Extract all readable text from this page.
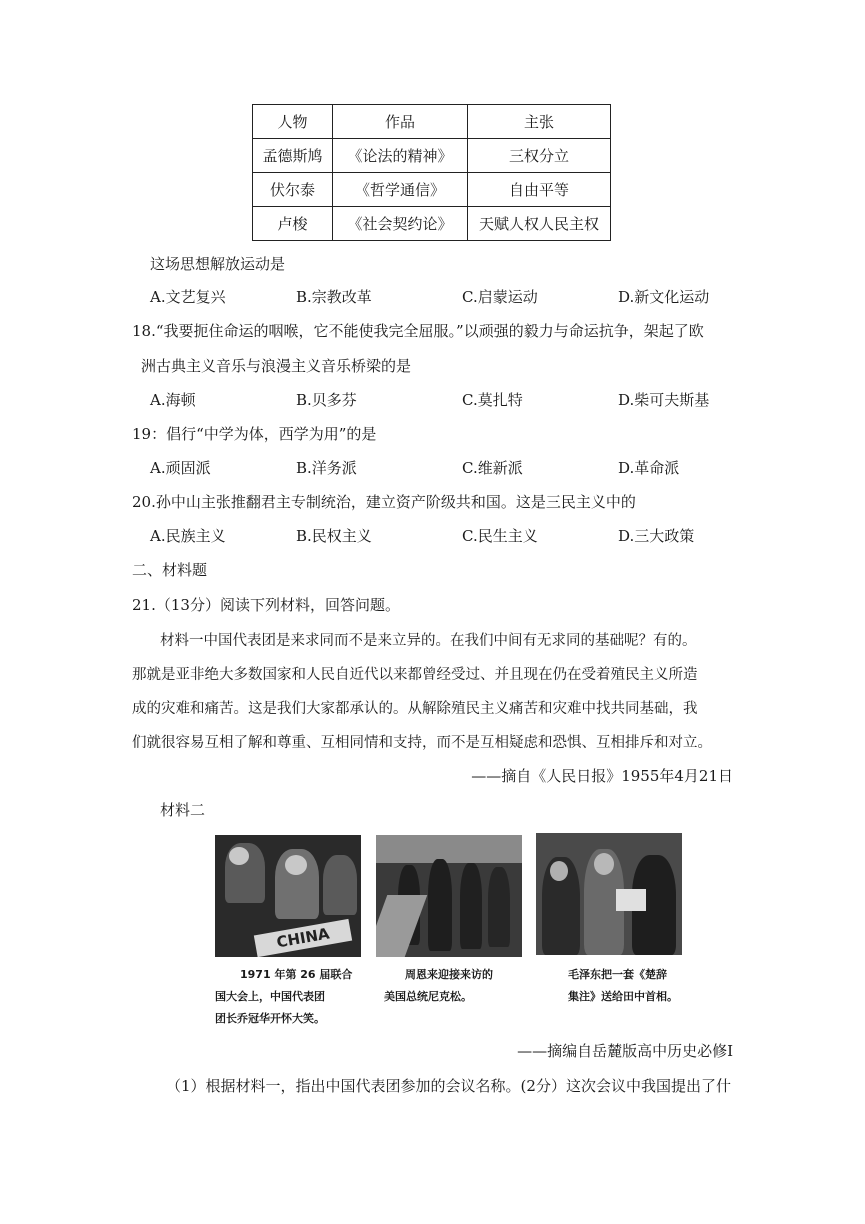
人物	作品	主张
孟德斯鸠	《论法的精神》	三权分立
伏尔泰	《哲学通信》	自由平等
卢梭	《社会契约论》	天赋人权人民主权
这场思想解放运动是
A.文艺复兴	B.宗教改革	C.启蒙运动	D.新文化运动
18.“我要扼住命运的咽喉，它不能使我完全屈服。”以顽强的毅力与命运抗争，架起了欧
洲古典主义音乐与浪漫主义音乐桥梁的是
A.海顿	B.贝多芬	C.莫扎特	D.柴可夫斯基
19：倡行“中学为体，西学为用”的是
A.顽固派	B.洋务派	C.维新派	D.革命派
20.孙中山主张推翻君主专制统治，建立资产阶级共和国。这是三民主义中的
A.民族主义	B.民权主义	C.民生主义	D.三大政策
二、材料题
21.（13分）阅读下列材料，回答问题。
材料一中国代表团是来求同而不是来立异的。在我们中间有无求同的基础呢？有的。
那就是亚非绝大多数国家和人民自近代以来都曾经受过、并且现在仍在受着殖民主义所造
成的灾难和痛苦。这是我们大家都承认的。从解除殖民主义痛苦和灾难中找共同基础，我
们就很容易互相了解和尊重、互相同情和支持，而不是互相疑虑和恐惧、互相排斥和对立。
——摘自《人民日报》1955年4月21日
材料二
CHINA
1971 年第 26 届联合
国大会上，中国代表团
团长乔冠华开怀大笑。
周恩来迎接来访的
美国总统尼克松。
毛泽东把一套《楚辞
集注》送给田中首相。
——摘编自岳麓版高中历史必修Ⅰ
（1）根据材料一，指出中国代表团参加的会议名称。(2分）这次会议中我国提出了什
